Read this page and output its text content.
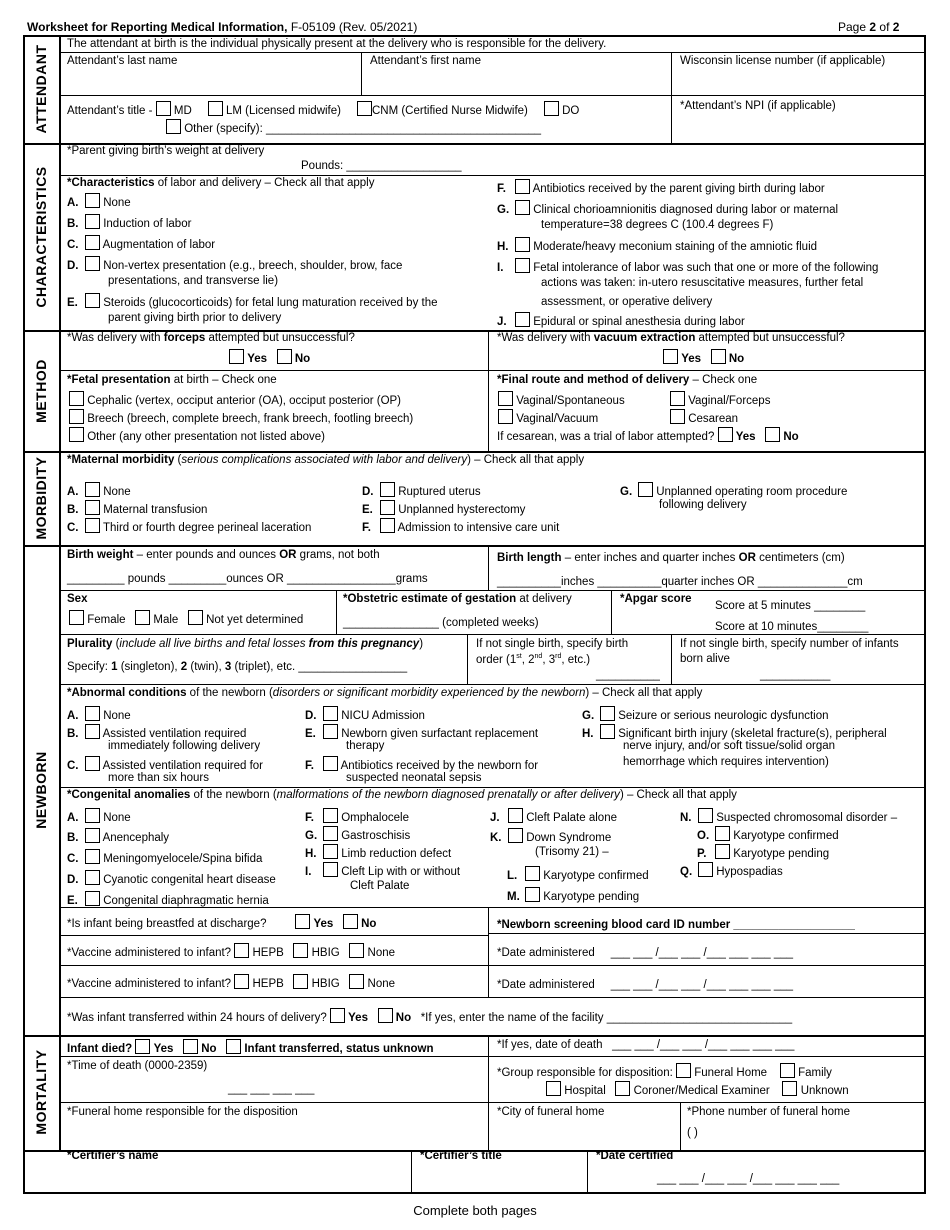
Worksheet for Reporting Medical Information, F-05109 (Rev. 05/2021)	Page 2 of 2
ATTENDANT
CHARACTERISTICS
METHOD
MORBIDITY
NEWBORN
MORTALITY
The attendant at birth is the individual physically present at the delivery who is responsible for the delivery.
Attendant’s last name	Attendant’s first name	Wisconsin license number (if applicable)
Attendant’s title - MD	LM (Licensed midwife)	CNM (Certified Nurse Midwife)	DO
Other (specify): ___________________________________________
*Attendant’s NPI (if applicable)
*Parent giving birth’s weight at delivery
Pounds: __________________
*Characteristics of labor and delivery – Check all that apply
*Was delivery with forceps attempted but unsuccessful?
Yes No
*Was delivery with vacuum extraction attempted but unsuccessful?
Yes No
*Fetal presentation at birth – Check one
Cephalic (vertex, occiput anterior (OA), occiput posterior (OP)
Breech (breech, complete breech, frank breech, footling breech)
Other (any other presentation not listed above)
*Final route and method of delivery – Check one
Vaginal/Spontaneous	Vaginal/Forceps
Vaginal/Vacuum	Cesarean
If cesarean, was a trial of labor attempted? Yes No
*Maternal morbidity (serious complications associated with labor and delivery) – Check all that apply
Birth weight – enter pounds and ounces OR grams, not both
_________ pounds _________ounces OR _________________grams
Birth length – enter inches and quarter inches OR centimeters (cm)
__________inches __________quarter inches OR ______________cm
Sex
Female Male Not yet determined
*Obstetric estimate of gestation at delivery
_______________ (completed weeks)
*Apgar score
Score at 5 minutes ________
Score at 10 minutes________
Plurality (include all live births and fetal losses from this pregnancy)
Specify: 1 (singleton), 2 (twin), 3 (triplet), etc. _________________
If not single birth, specify birth
order (1st, 2nd, 3rd, etc.)
__________
If not single birth, specify number of infants
born alive
___________
*Abnormal conditions of the newborn (disorders or significant morbidity experienced by the newborn) – Check all that apply
*Congenital anomalies of the newborn (malformations of the newborn diagnosed prenatally or after delivery) – Check all that apply
*Is infant being breastfed at discharge?	Yes No	*Newborn screening blood card ID number ___________________
*Vaccine administered to infant? HEPB HBIG None	*Date administered ___ ___ /___ ___ /___ ___ ___ ___
*Vaccine administered to infant? HEPB HBIG None	*Date administered ___ ___ /___ ___ /___ ___ ___ ___
*Was infant transferred within 24 hours of delivery? Yes No *If yes, enter the name of the facility _____________________________
Infant died? Yes No Infant transferred, status unknown	*If yes, date of death ___ ___ /___ ___ /___ ___ ___ ___
*Time of death (0000-2359)
___ ___ ___ ___
*Group responsible for disposition: Funeral Home	Family
Hospital Coroner/Medical Examiner	Unknown
*Funeral home responsible for the disposition	*City of funeral home	*Phone number of funeral home
( )
*Certifier’s name	*Certifier’s title	*Date certified
___ ___ /___ ___ /___ ___ ___ ___
Complete both pages
A. None
B. Induction of labor
C. Augmentation of labor
D. Non-vertex presentation (e.g., breech, shoulder, brow, face
presentations, and transverse lie)
E. Steroids (glucocorticoids) for fetal lung maturation received by the
parent giving birth prior to delivery
F. Antibiotics received by the parent giving birth during labor
G. Clinical chorioamnionitis diagnosed during labor or maternal
temperature=38 degrees C (100.4 degrees F)
H. Moderate/heavy meconium staining of the amniotic fluid
I.	Fetal intolerance of labor was such that one or more of the following
actions was taken: in-utero resuscitative measures, further fetal
assessment, or operative delivery
J. Epidural or spinal anesthesia during labor
A. None
B. Maternal transfusion
C. Third or fourth degree perineal laceration
D. Ruptured uterus
E. Unplanned hysterectomy
F. Admission to intensive care unit
G. Unplanned operating room procedure
following delivery
A. None
B. Assisted ventilation required
immediately following delivery
C. Assisted ventilation required for
more than six hours
D. NICU Admission
E. Newborn given surfactant replacement
therapy
F. Antibiotics received by the newborn for
suspected neonatal sepsis
G. Seizure or serious neurologic dysfunction
H. Significant birth injury (skeletal fracture(s), peripheral
nerve injury, and/or soft tissue/solid organ
hemorrhage which requires intervention)
A. None
B. Anencephaly
C. Meningomyelocele/Spina bifida
D. Cyanotic congenital heart disease
E. Congenital diaphragmatic hernia
F. Omphalocele
G. Gastroschisis
H. Limb reduction defect
I.	Cleft Lip with or without
Cleft Palate
J. Cleft Palate alone
K. Down Syndrome
(Trisomy 21) –
L. Karyotype confirmed
M. Karyotype pending
N. Suspected chromosomal disorder –
O. Karyotype confirmed
P. Karyotype pending
Q. Hypospadias
